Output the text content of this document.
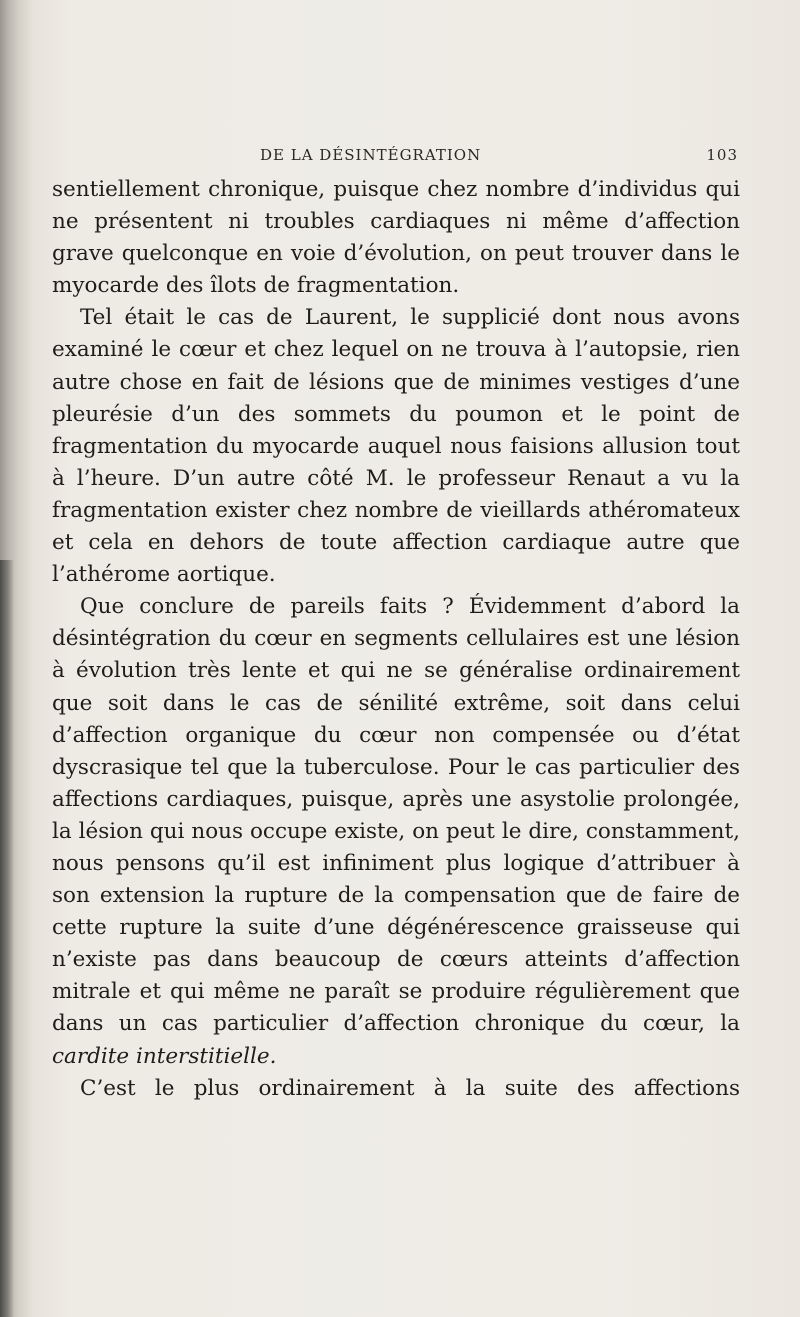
DE LA DÉSINTÉGRATION	103

sentiellement chronique, puisque chez nombre d’individus qui ne présentent ni troubles cardiaques ni même d’affection grave quelconque en voie d’évolution, on peut trouver dans le myocarde des îlots de fragmentation.

Tel était le cas de Laurent, le supplicié dont nous avons examiné le cœur et chez lequel on ne trouva à l’autopsie, rien autre chose en fait de lésions que de minimes vestiges d’une pleurésie d’un des sommets du poumon et le point de fragmentation du myocarde auquel nous faisions allusion tout à l’heure. D’un autre côté M. le professeur Renaut a vu la fragmentation exister chez nombre de vieillards athéromateux et cela en dehors de toute affection cardiaque autre que l’athérome aortique.

Que conclure de pareils faits ? Évidemment d’abord la désintégration du cœur en segments cellulaires est une lésion à évolution très lente et qui ne se généralise ordinairement que soit dans le cas de sénilité extrême, soit dans celui d’affection organique du cœur non compensée ou d’état dyscrasique tel que la tuberculose. Pour le cas particulier des affections cardiaques, puisque, après une asystolie prolongée, la lésion qui nous occupe existe, on peut le dire, constamment, nous pensons qu’il est infiniment plus logique d’attribuer à son extension la rupture de la compensation que de faire de cette rupture la suite d’une dégénérescence graisseuse qui n’existe pas dans beaucoup de cœurs atteints d’affection mitrale et qui même ne paraît se produire régulièrement que dans un cas particulier d’affection chronique du cœur, la cardite interstitielle.

C’est le plus ordinairement à la suite des affections
